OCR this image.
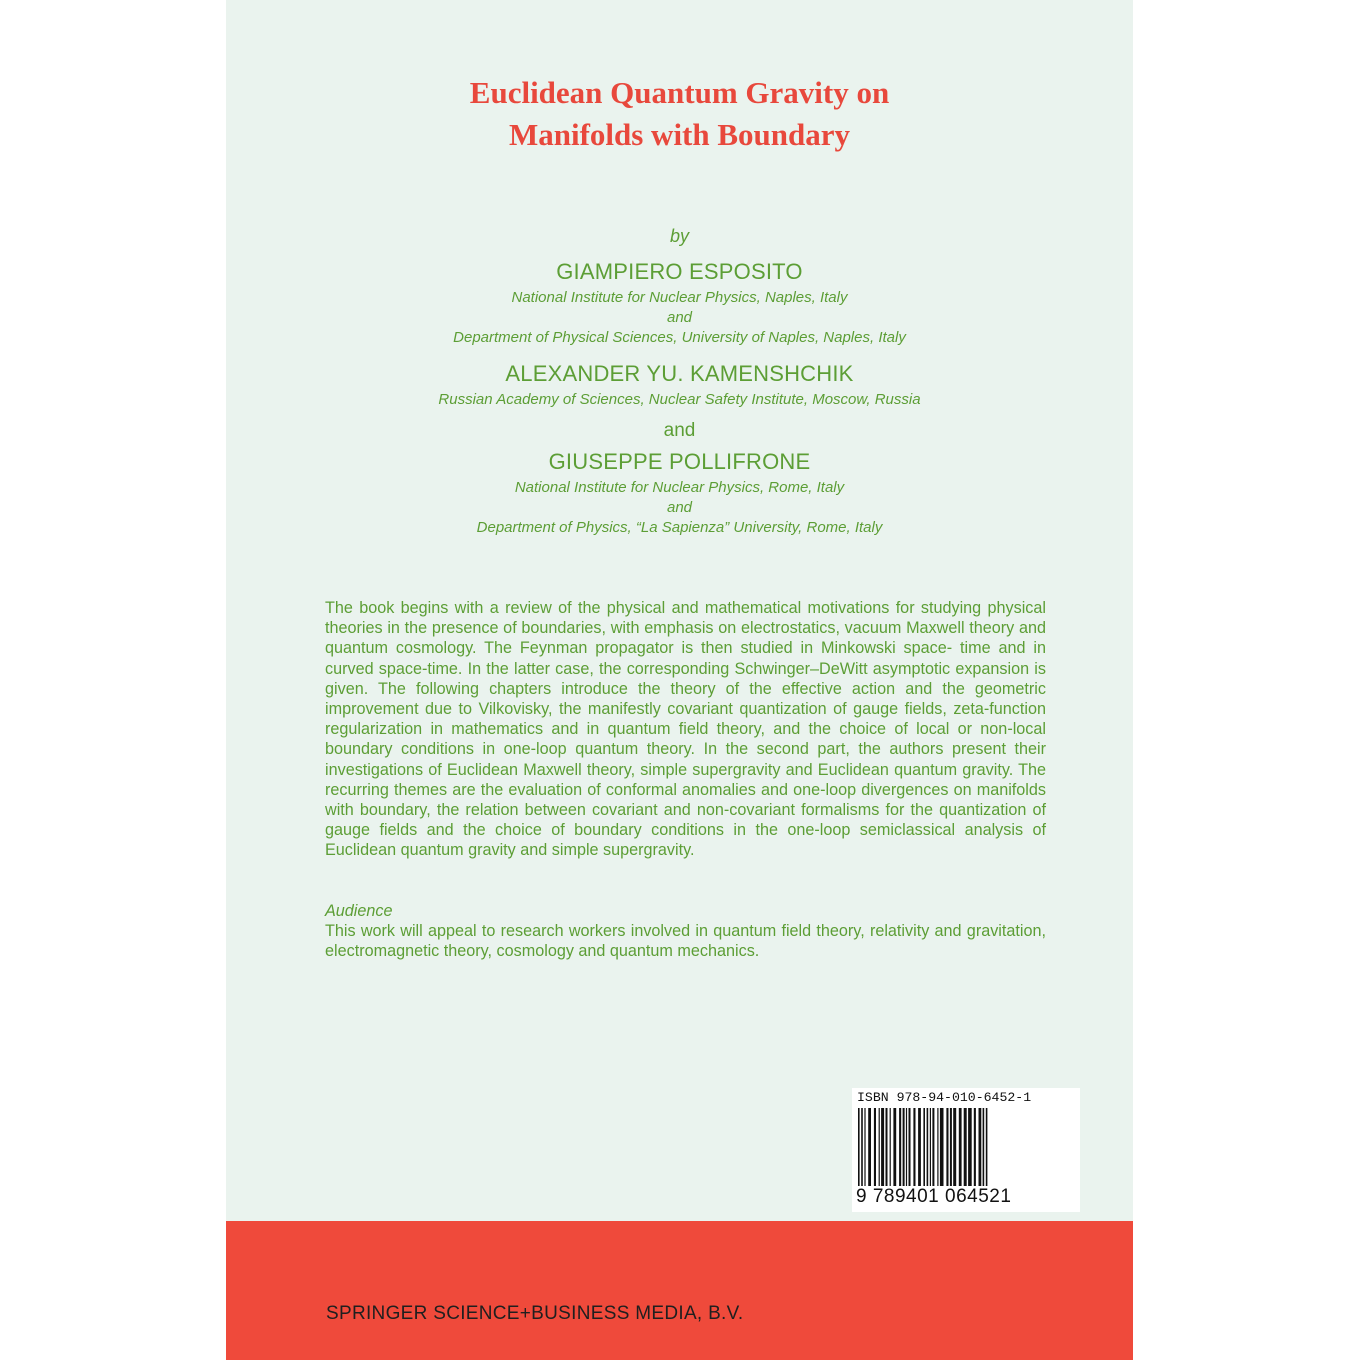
Euclidean Quantum Gravity on
Manifolds with Boundary
by
GIAMPIERO ESPOSITO
National Institute for Nuclear Physics, Naples, Italy
and
Department of Physical Sciences, University of Naples, Naples, Italy
ALEXANDER YU. KAMENSHCHIK
Russian Academy of Sciences, Nuclear Safety Institute, Moscow, Russia
and
GIUSEPPE POLLIFRONE
National Institute for Nuclear Physics, Rome, Italy
and
Department of Physics, “La Sapienza” University, Rome, Italy

The book begins with a review of the physical and mathematical motivations for studying physical theories in the presence of boundaries, with emphasis on electrostatics, vacuum Maxwell theory and quantum cosmology. The Feynman propagator is then studied in Minkowski space- time and in curved space-time. In the latter case, the corresponding Schwinger–DeWitt asymptotic expansion is given. The following chapters introduce the theory of the effective action and the geometric improvement due to Vilkovisky, the manifestly covariant quantization of gauge fields, zeta-function regularization in mathematics and in quantum field theory, and the choice of local or non-local boundary conditions in one-loop quantum theory. In the second part, the authors present their investigations of Euclidean Maxwell theory, simple supergravity and Euclidean quantum gravity. The recurring themes are the evaluation of conformal anomalies and one-loop divergences on manifolds with boundary, the relation between covariant and non-covariant formalisms for the quantization of gauge fields and the choice of boundary conditions in the one-loop semiclassical analysis of Euclidean quantum gravity and simple supergravity.

Audience

This work will appeal to research workers involved in quantum field theory, relativity and gravitation, electromagnetic theory, cosmology and quantum mechanics.

ISBN 978-94-010-6452-1
9 789401 064521
SPRINGER SCIENCE+BUSINESS MEDIA, B.V.
